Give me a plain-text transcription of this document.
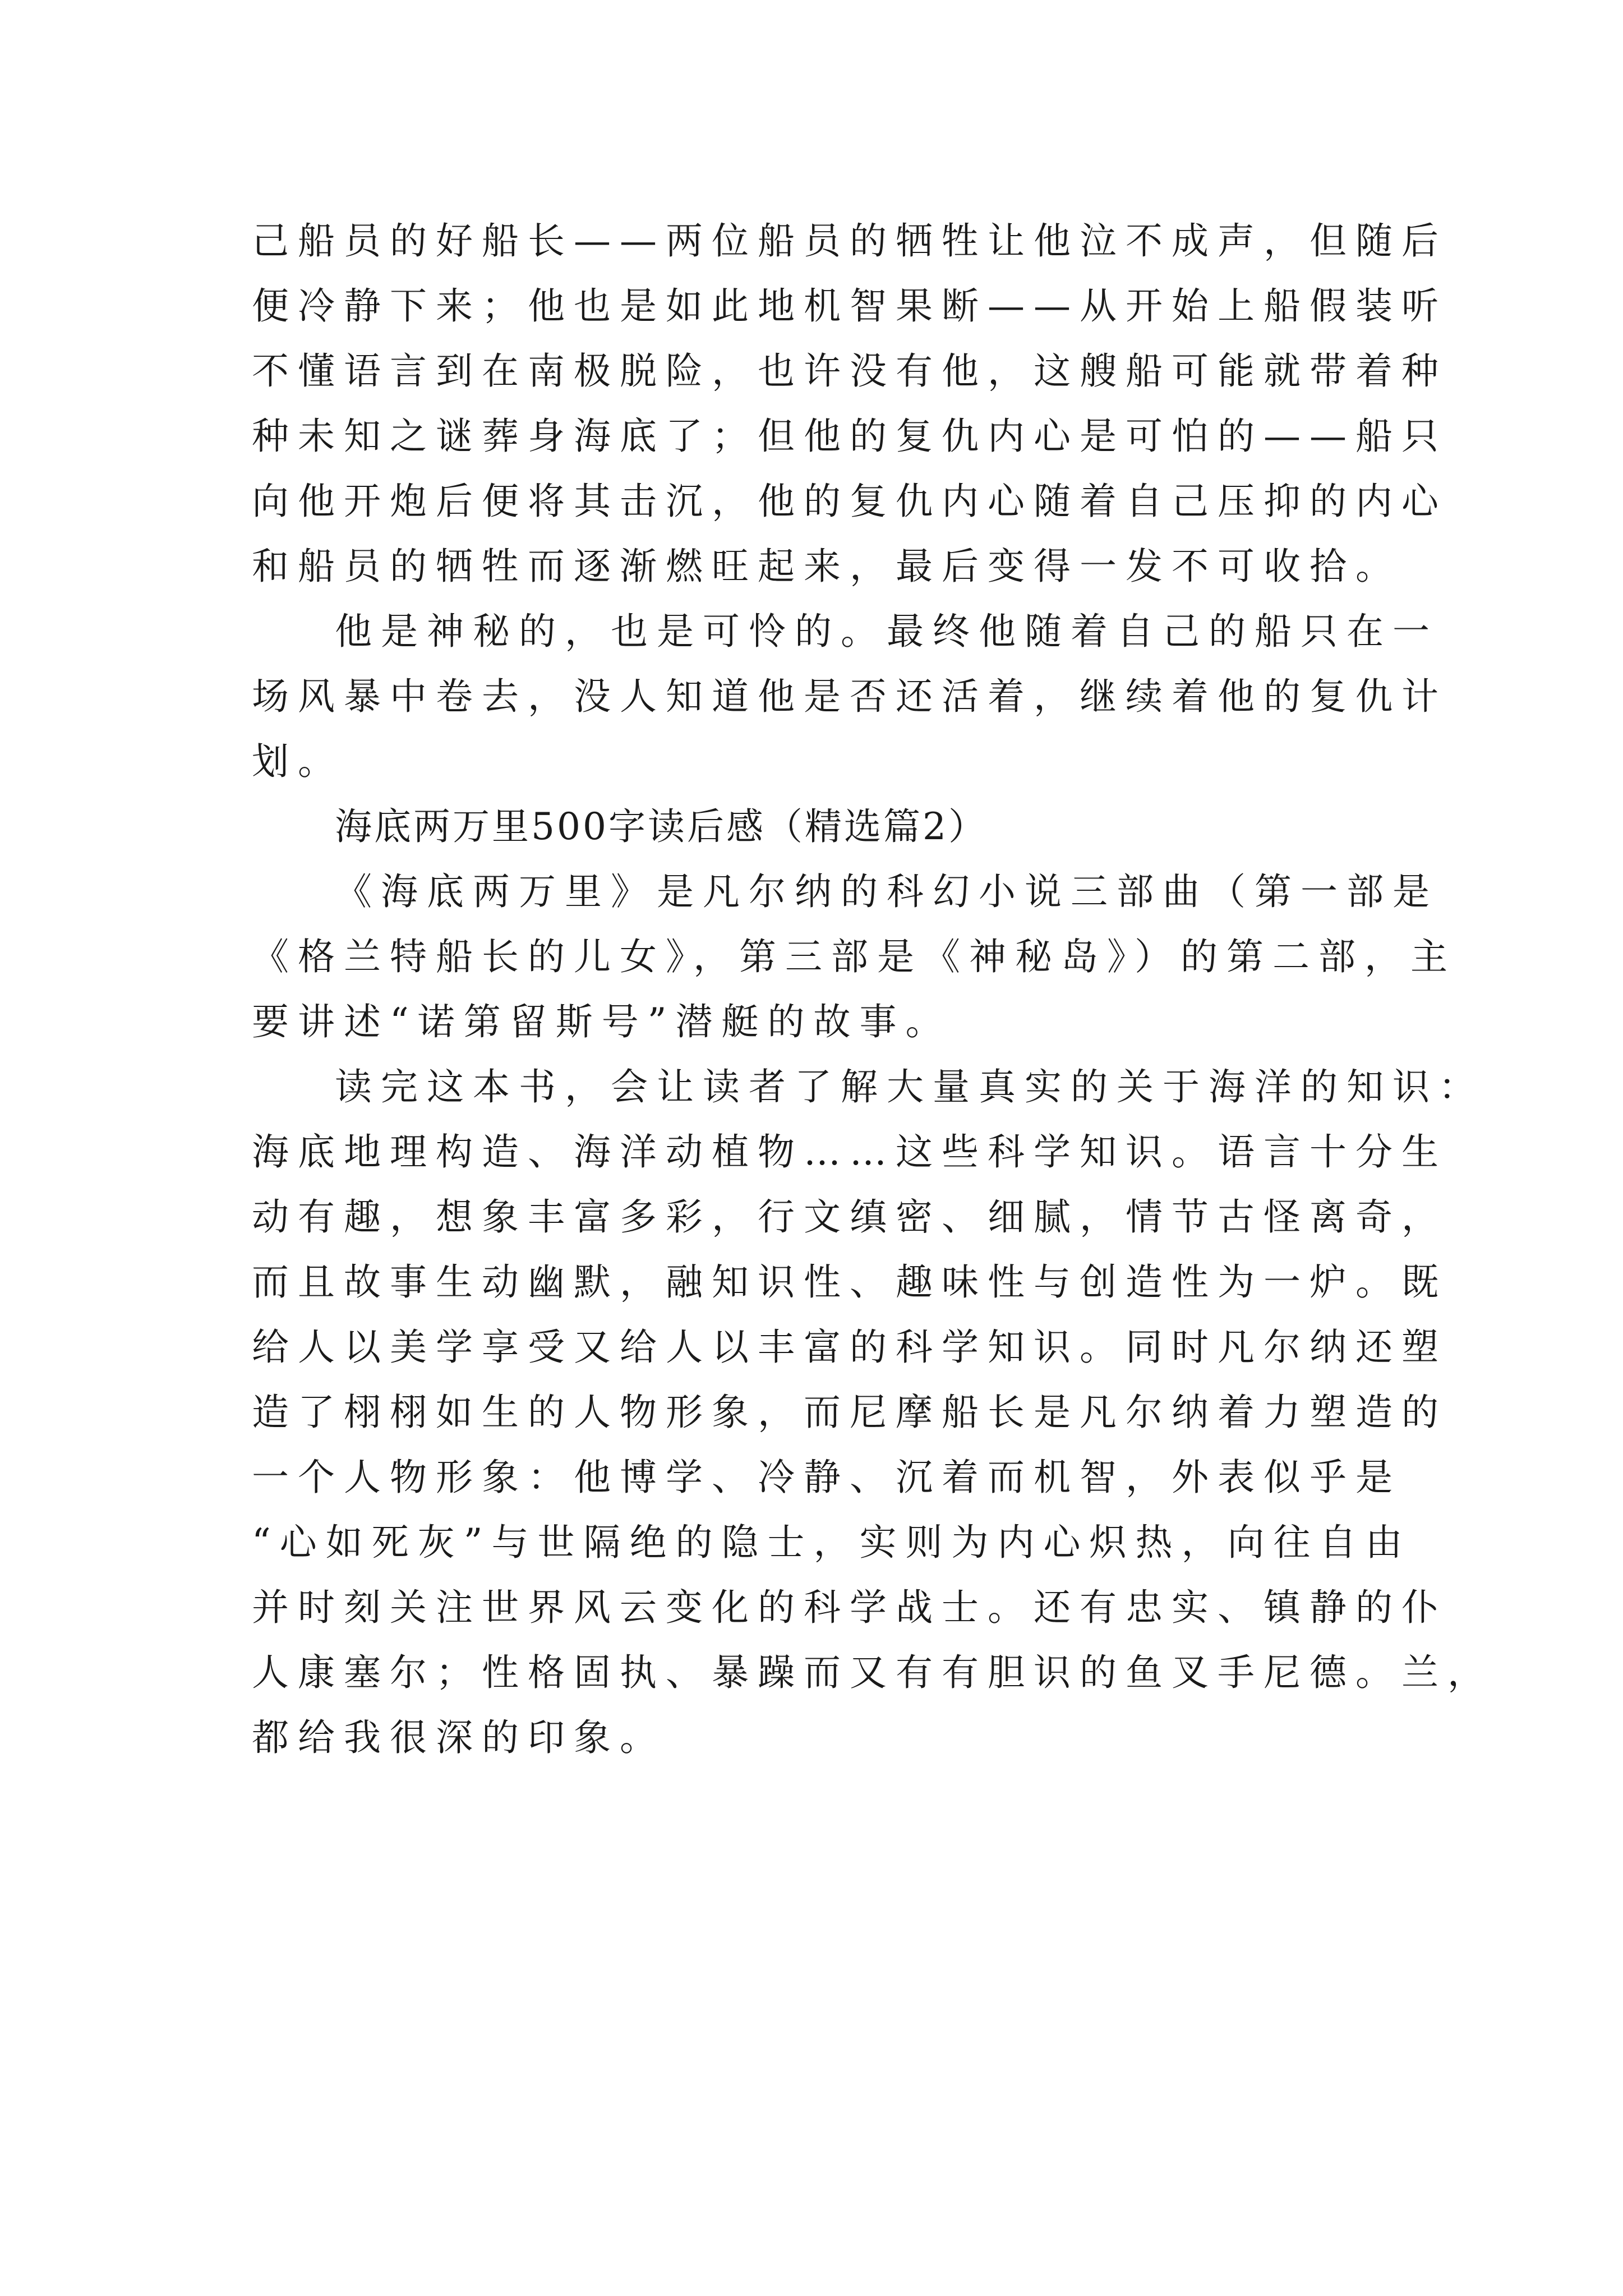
己船员的好船长——两位船员的牺牲让他泣不成声，但随后
便冷静下来；他也是如此地机智果断——从开始上船假装听
不懂语言到在南极脱险，也许没有他，这艘船可能就带着种
种未知之谜葬身海底了；但他的复仇内心是可怕的——船只
向他开炮后便将其击沉，他的复仇内心随着自己压抑的内心
和船员的牺牲而逐渐燃旺起来，最后变得一发不可收拾。

他是神秘的，也是可怜的。最终他随着自己的船只在一
场风暴中卷去，没人知道他是否还活着，继续着他的复仇计
划。

海底两万里500字读后感（精选篇2）

《海底两万里》是凡尔纳的科幻小说三部曲（第一部是
《格兰特船长的儿女》，第三部是《神秘岛》）的第二部，主
要讲述“诺第留斯号”潜艇的故事。

读完这本书，会让读者了解大量真实的关于海洋的知识：
海底地理构造、海洋动植物……这些科学知识。语言十分生
动有趣，想象丰富多彩，行文缜密、细腻，情节古怪离奇，
而且故事生动幽默，融知识性、趣味性与创造性为一炉。既
给人以美学享受又给人以丰富的科学知识。同时凡尔纳还塑
造了栩栩如生的人物形象，而尼摩船长是凡尔纳着力塑造的
一个人物形象：他博学、冷静、沉着而机智，外表似乎是
“心如死灰”与世隔绝的隐士，实则为内心炽热，向往自由
并时刻关注世界风云变化的科学战士。还有忠实、镇静的仆
人康塞尔；性格固执、暴躁而又有有胆识的鱼叉手尼德。兰，
都给我很深的印象。
